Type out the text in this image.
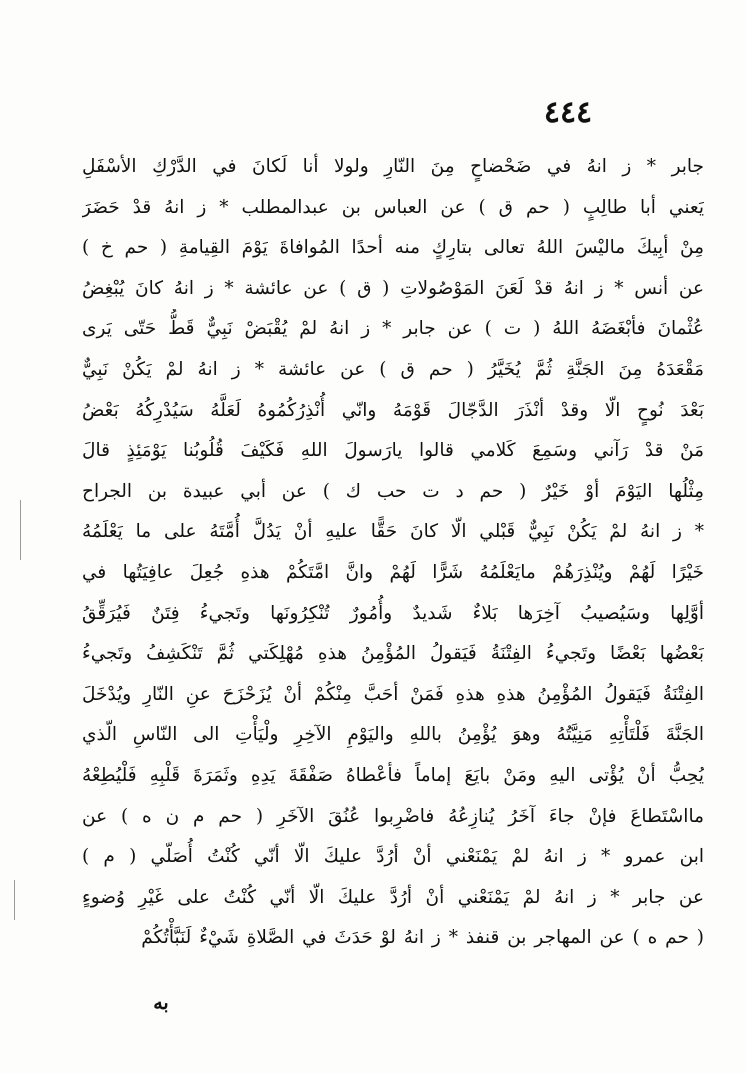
٤٤٤
جابر * ز انهُ في ضَحْضاحٍ مِنَ النّارِ ولولا أنا لَكانَ في الدَّرْكِ الأسْفَلِ
يَعني أبا طالِبٍ ( حم ق ) عن العباس بن عبدالمطلب * ز انهُ قدْ حَضَرَ
مِنْ أبِيكَ ماليْسَ اللهُ تعالى بتارِكٍ منه أحدًا المُوافاةَ يَوْمَ القِيامةِ ( حم خ )
عن أنس * ز انهُ قدْ لَعَنَ المَوْصُولاتِ ( ق ) عن عائشة * ز انهُ كانَ يُبْغِضُ
عُثْمانَ فأبْغَضَهُ اللهُ ( ت ) عن جابر * ز انهُ لمْ يُقْبَضْ نَبِيٌّ قَطُّ حَتّى يَرى
مَقْعَدَهُ مِنَ الجَنَّةِ ثُمَّ يُخَيَّرُ ( حم ق ) عن عائشة * ز انهُ لمْ يَكُنْ نَبِيٌّ
بَعْدَ نُوحٍ الّا وقدْ أنْذَرَ الدَّجّالَ قَوْمَهُ وانّي أُنْذِرُكُمُوهُ لَعَلَّهُ سَيُدْرِكُهُ بَعْضُ
مَنْ قدْ رَآني وسَمِعَ كَلامي قالوا يارَسولَ اللهِ فَكَيْفَ قُلُوبُنا يَوْمَئِذٍ قالَ
مِثْلُها اليَوْمَ أوْ خَيْرٌ ( حم د ت حب ك ) عن أبي عبيدة بن الجراح
* ز انهُ لمْ يَكُنْ نَبِيٌّ قَبْلي الّا كانَ حَقًّا عليهِ أنْ يَدُلَّ أُمَّتَهُ على ما يَعْلَمُهُ
خَيْرًا لَهُمْ ويُنْذِرَهُمْ مايَعْلَمُهُ شَرًّا لَهُمْ وانَّ امَّتَكُمْ هذهِ جُعِلَ عافِيَتُها في
أوَّلِها وسَيُصيبُ آخِرَها بَلاءٌ شَديدٌ وأُمُورٌ تُنْكِرُونَها وتَجيءُ فِتَنٌ فَيُرَقِّقُ
بَعْضُها بَعْضًا وتَجيءُ الفِتْنَةُ فَيَقولُ المُؤْمِنُ هذهِ مُهْلِكَتي ثُمَّ تَنْكَشِفُ وتَجيءُ
الفِتْنَةُ فَيَقولُ المُؤْمِنُ هذهِ هذهِ فَمَنْ أحَبَّ مِنْكُمْ أنْ يُزَحْزَحَ عنِ النّارِ ويُدْخَلَ
الجَنَّةَ فَلْتَأْتِهِ مَنِيَّتُهُ وهوَ يُؤْمِنُ باللهِ واليَوْمِ الآخِرِ ولْيَأْتِ الى النّاسِ الّذي
يُحِبُّ أنْ يُؤْتى اليهِ ومَنْ بايَعَ إماماً فأعْطاهُ صَفْقَةَ يَدِهِ وثَمَرَةَ قَلْبِهِ فَلْيُطِعْهُ
مااسْتَطاعَ فإنْ جاءَ آخَرُ يُنازِعُهُ فاضْرِبوا عُنُقَ الآخَرِ ( حم م ن ه ) عن
ابن عمرو * ز انهُ لمْ يَمْنَعْني أنْ أرُدَّ عليكَ الّا أنّي كُنْتُ أُصَلّي ( م )
عن جابر * ز انهُ لمْ يَمْنَعْني أنْ أرُدَّ عليكَ الّا أنّي كُنْتُ على غَيْرِ وُضوءٍ
( حم ه ) عن المهاجر بن قنفذ * ز انهُ لوْ حَدَثَ في الصَّلاةِ شَيْءٌ لَنَبَّأْتُكُمْ
به
